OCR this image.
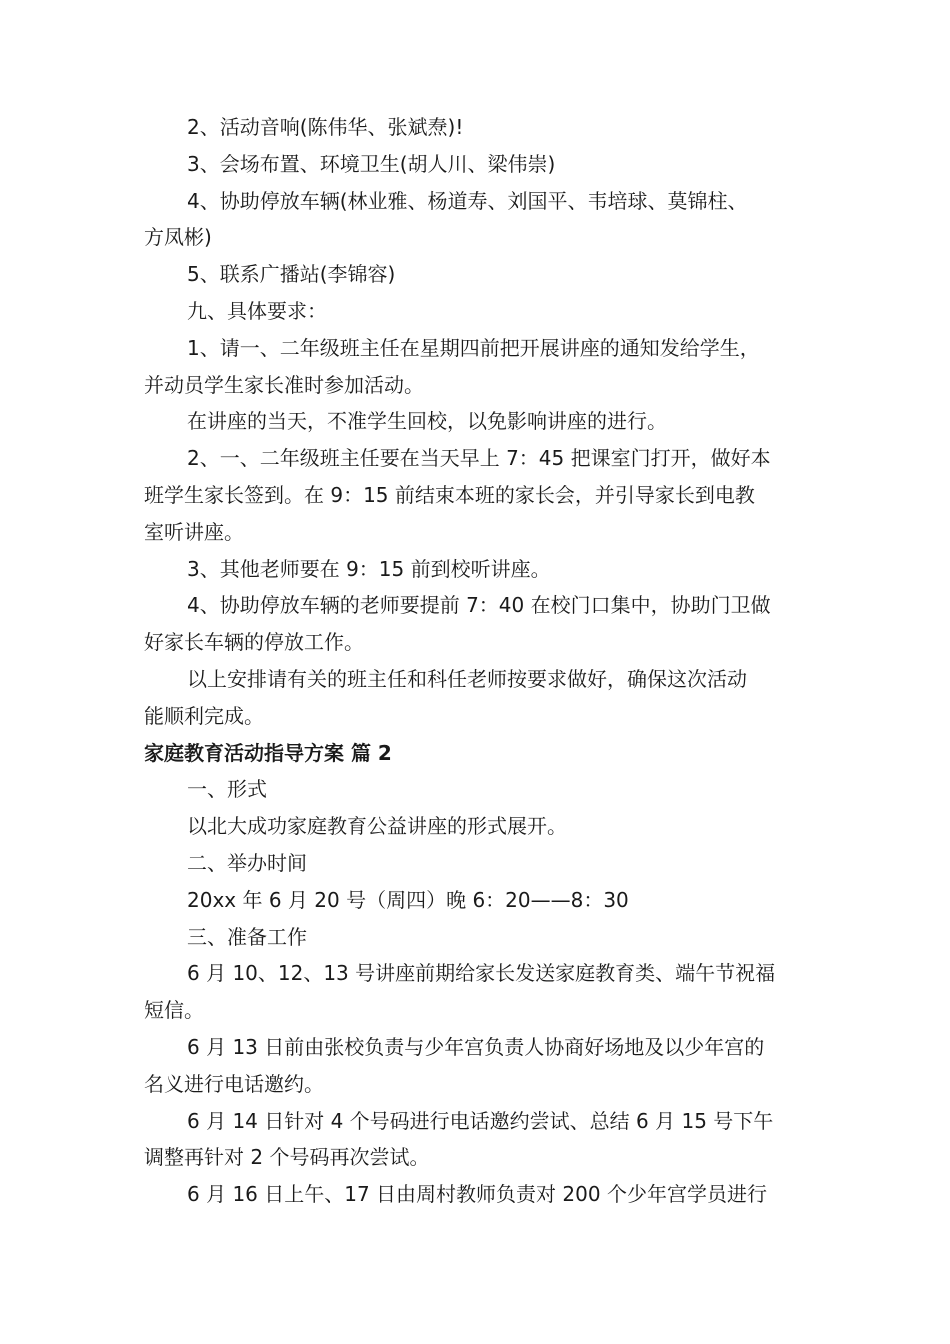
2、活动音响(陈伟华、张斌焘)!
3、会场布置、环境卫生(胡人川、梁伟崇)
4、协助停放车辆(林业雅、杨道寿、刘国平、韦培球、莫锦柱、
方凤彬)
5、联系广播站(李锦容)
九、具体要求：
1、请一、二年级班主任在星期四前把开展讲座的通知发给学生，
并动员学生家长准时参加活动。
在讲座的当天，不准学生回校，以免影响讲座的进行。
2、一、二年级班主任要在当天早上 7：45 把课室门打开，做好本
班学生家长签到。在 9：15 前结束本班的家长会，并引导家长到电教
室听讲座。
3、其他老师要在 9：15 前到校听讲座。
4、协助停放车辆的老师要提前 7：40 在校门口集中，协助门卫做
好家长车辆的停放工作。
以上安排请有关的班主任和科任老师按要求做好，确保这次活动
能顺利完成。
家庭教育活动指导方案 篇 2
一、形式
以北大成功家庭教育公益讲座的形式展开。
二、举办时间
20xx 年 6 月 20 号（周四）晚 6：20——8：30
三、准备工作
6 月 10、12、13 号讲座前期给家长发送家庭教育类、端午节祝福
短信。
6 月 13 日前由张校负责与少年宫负责人协商好场地及以少年宫的
名义进行电话邀约。
6 月 14 日针对 4 个号码进行电话邀约尝试、总结 6 月 15 号下午
调整再针对 2 个号码再次尝试。
6 月 16 日上午、17 日由周村教师负责对 200 个少年宫学员进行
